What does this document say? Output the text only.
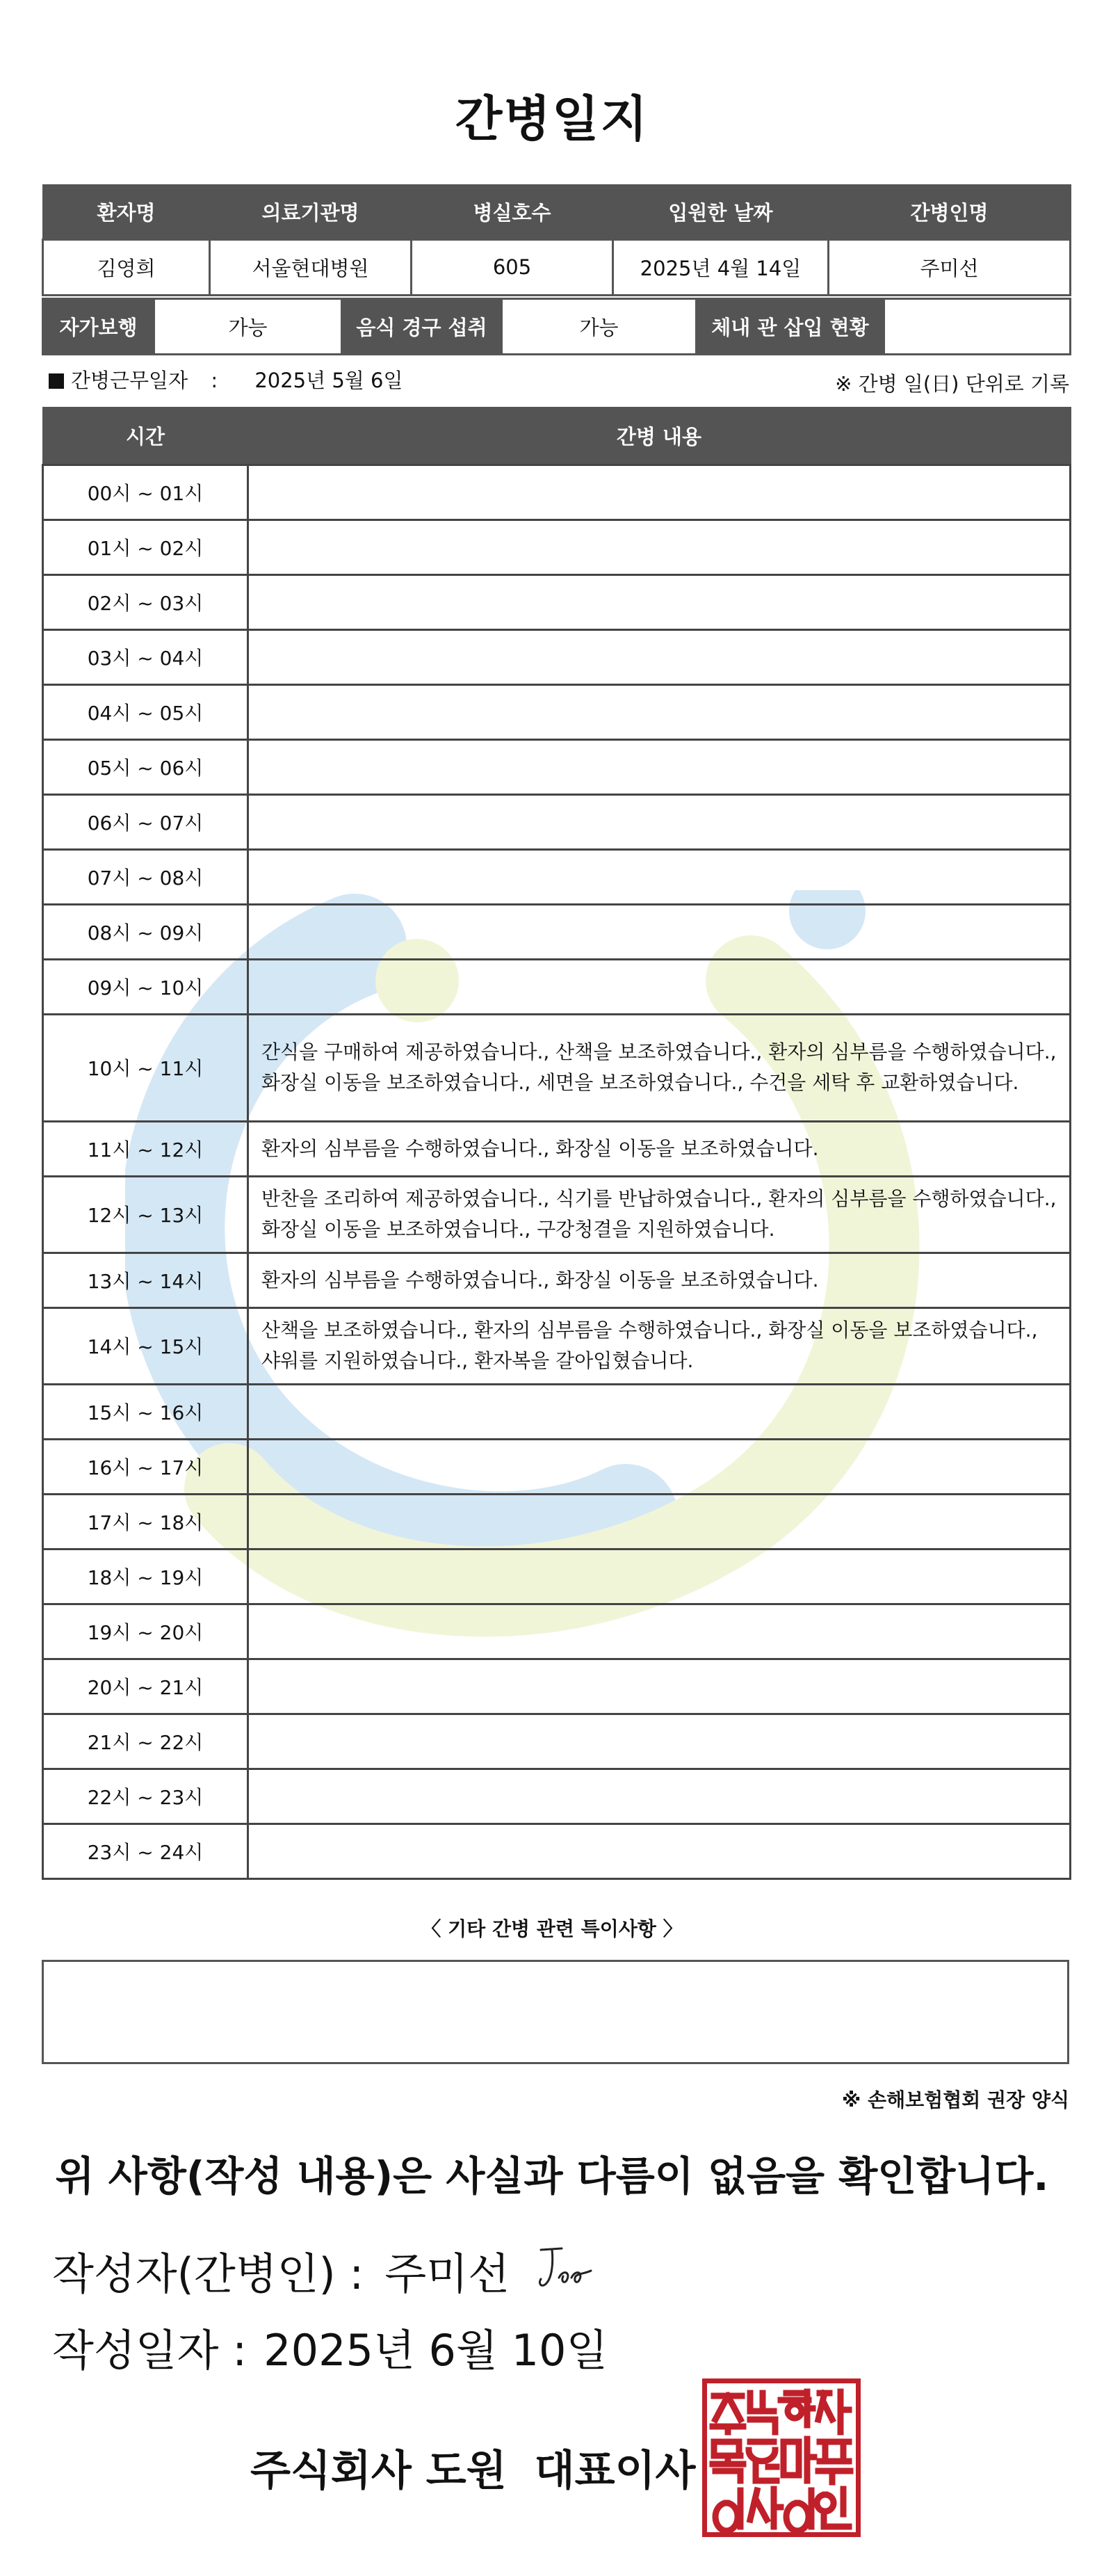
간병일지
환자명	의료기관명	병실호수	입원한 날짜	간병인명
김영희	서울현대병원	605	2025년 4월 14일	주미선
자가보행	가능	음식 경구 섭취	가능	체내 관 삽입 현황	
간병근무일자 : 2025년 5월 6일	※ 간병 일(日) 단위로 기록
시간	간병 내용
00시 ~ 01시	
01시 ~ 02시	
02시 ~ 03시	
03시 ~ 04시	
04시 ~ 05시	
05시 ~ 06시	
06시 ~ 07시	
07시 ~ 08시	
08시 ~ 09시	
09시 ~ 10시	
10시 ~ 11시	간식을 구매하여 제공하였습니다., 산책을 보조하였습니다., 환자의 심부름을 수행하였습니다., 화장실 이동을 보조하였습니다., 세면을 보조하였습니다., 수건을 세탁 후 교환하였습니다.
11시 ~ 12시	환자의 심부름을 수행하였습니다., 화장실 이동을 보조하였습니다.
12시 ~ 13시	반찬을 조리하여 제공하였습니다., 식기를 반납하였습니다., 환자의 심부름을 수행하였습니다., 화장실 이동을 보조하였습니다., 구강청결을 지원하였습니다.
13시 ~ 14시	환자의 심부름을 수행하였습니다., 화장실 이동을 보조하였습니다.
14시 ~ 15시	산책을 보조하였습니다., 환자의 심부름을 수행하였습니다., 화장실 이동을 보조하였습니다., 샤워를 지원하였습니다., 환자복을 갈아입혔습니다.
15시 ~ 16시	
16시 ~ 17시	
17시 ~ 18시	
18시 ~ 19시	
19시 ~ 20시	
20시 ~ 21시	
21시 ~ 22시	
22시 ~ 23시	
23시 ~ 24시	
〈 기타 간병 관련 특이사항 〉
※ 손해보험협회 권장 양식
위 사항(작성 내용)은 사실과 다름이 없음을 확인합니다.
작성자(간병인) : 주미선
작성일자 : 2025년 6월 10일
주식회사 도원 대표이사
